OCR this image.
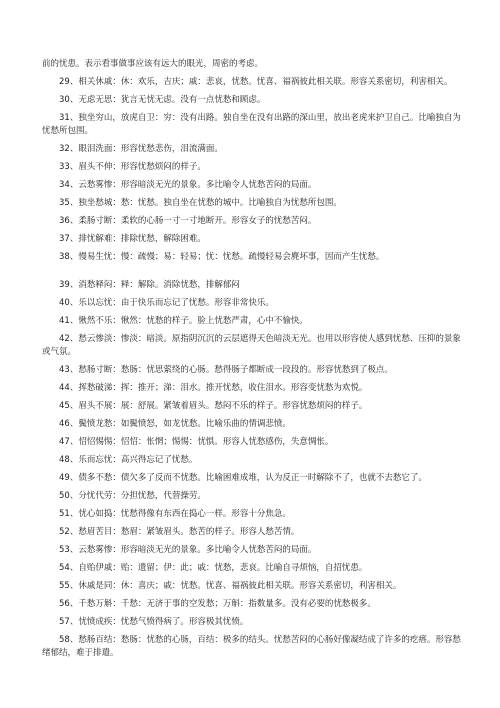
前的忧患。表示看事做事应该有远大的眼光，周密的考虑。

29、相关休戚：休：欢乐，吉庆；戚：悲哀，忧愁。忧喜、福祸彼此相关联。形容关系密切，利害相关。

30、无虑无思：犹言无忧无虑。没有一点忧愁和顾虑。

31、独坐穷山，放虎自卫：穷：没有出路。独自坐在没有出路的深山里，放出老虎来护卫自己。比喻独自为忧愁所包围。

32、眼泪洗面：形容忧愁悲伤，泪流满面。

33、眉头不伸：形容忧愁烦闷的样子。

34、云愁雾惨：形容暗淡无光的景象。多比喻令人忧愁苦闷的局面。

35、独坐愁城：愁：忧愁。独自坐在忧愁的城中。比喻独自为忧愁所包围。

36、柔肠寸断：柔软的心肠一寸一寸地断开。形容女子的忧愁苦闷。

37、排忧解难：排除忧愁，解除困难。

38、慢易生忧：慢：疏慢；易：轻易；忧：忧愁。疏慢轻易会麂坏事，因而产生忧愁。

39、消愁释闷：释：解除。消除忧愁，排解郁闷

40、乐以忘忧：由于快乐而忘记了忧愁。形容非常快乐。

41、愀然不乐：愀然：忧愁的样子。脸上忧愁严肃，心中不愉快。

42、愁云惨淡：惨淡：暗淡。原指阴沉沉的云层遮得天色暗淡无光。也用以形容使人感到忧愁、压抑的景象或气氛。

43、愁肠寸断：愁肠：忧思萦绕的心肠。愁得肠子都断成一段段的。形容忧愁到了极点。

44、挥愁破涕：挥：推开；涕：泪水。推开忧愁，收住泪水。形容变忧愁为欢悦。

45、眉头不展：展：舒展。紧皱着眉头。愁闷不乐的样子。形容忧愁烦闷的样子。

46、鬓愤龙愁：如鬓愤怒，如龙忧愁。比喻乐曲的情调悲愤。

47、怊怊惕惕：怊怊：怅惘；惕惕：忧惧。形容人忧愁感伤，失意惆怅。

48、乐而忘忧：高兴得忘记了忧愁。

49、债多不愁：债欠多了反而不忧愁。比喻困难成堆，认为反正一时解除不了，也就不去愁它了。

50、分忧代劳：分担忧愁，代替操劳。

51、忧心如捣：忧愁得像有东西在捣心一样。形容十分焦急。

52、愁眉苦目：愁眉：紧皱眉头。愁苦的样子。形容人愁苦情。

53、云愁雾惨：形容暗淡无光的景象。多比喻令人忧愁苦闷的局面。

54、自贻伊戚：贻：遗留；伊：此；戚：忧愁，悲哀。比喻自寻烦恼，自招忧患。

55、休戚是同：休：喜庆；戚：忧愁。忧喜、福祸彼此相关联。形容关系密切，利害相关。

56、千愁万斛：千愁：无济于事的空发愁；万斛：指数量多。没有必要的忧愁极多。

57、忧愤成疾：忧愁气愤得病了。形容极其忧愤。

58、愁肠百结：愁肠：忧愁的心肠，百结：极多的结头。忧愁苦闷的心肠好像凝结成了许多的疙瘩。形容愁绪郁结，难于排遣。
